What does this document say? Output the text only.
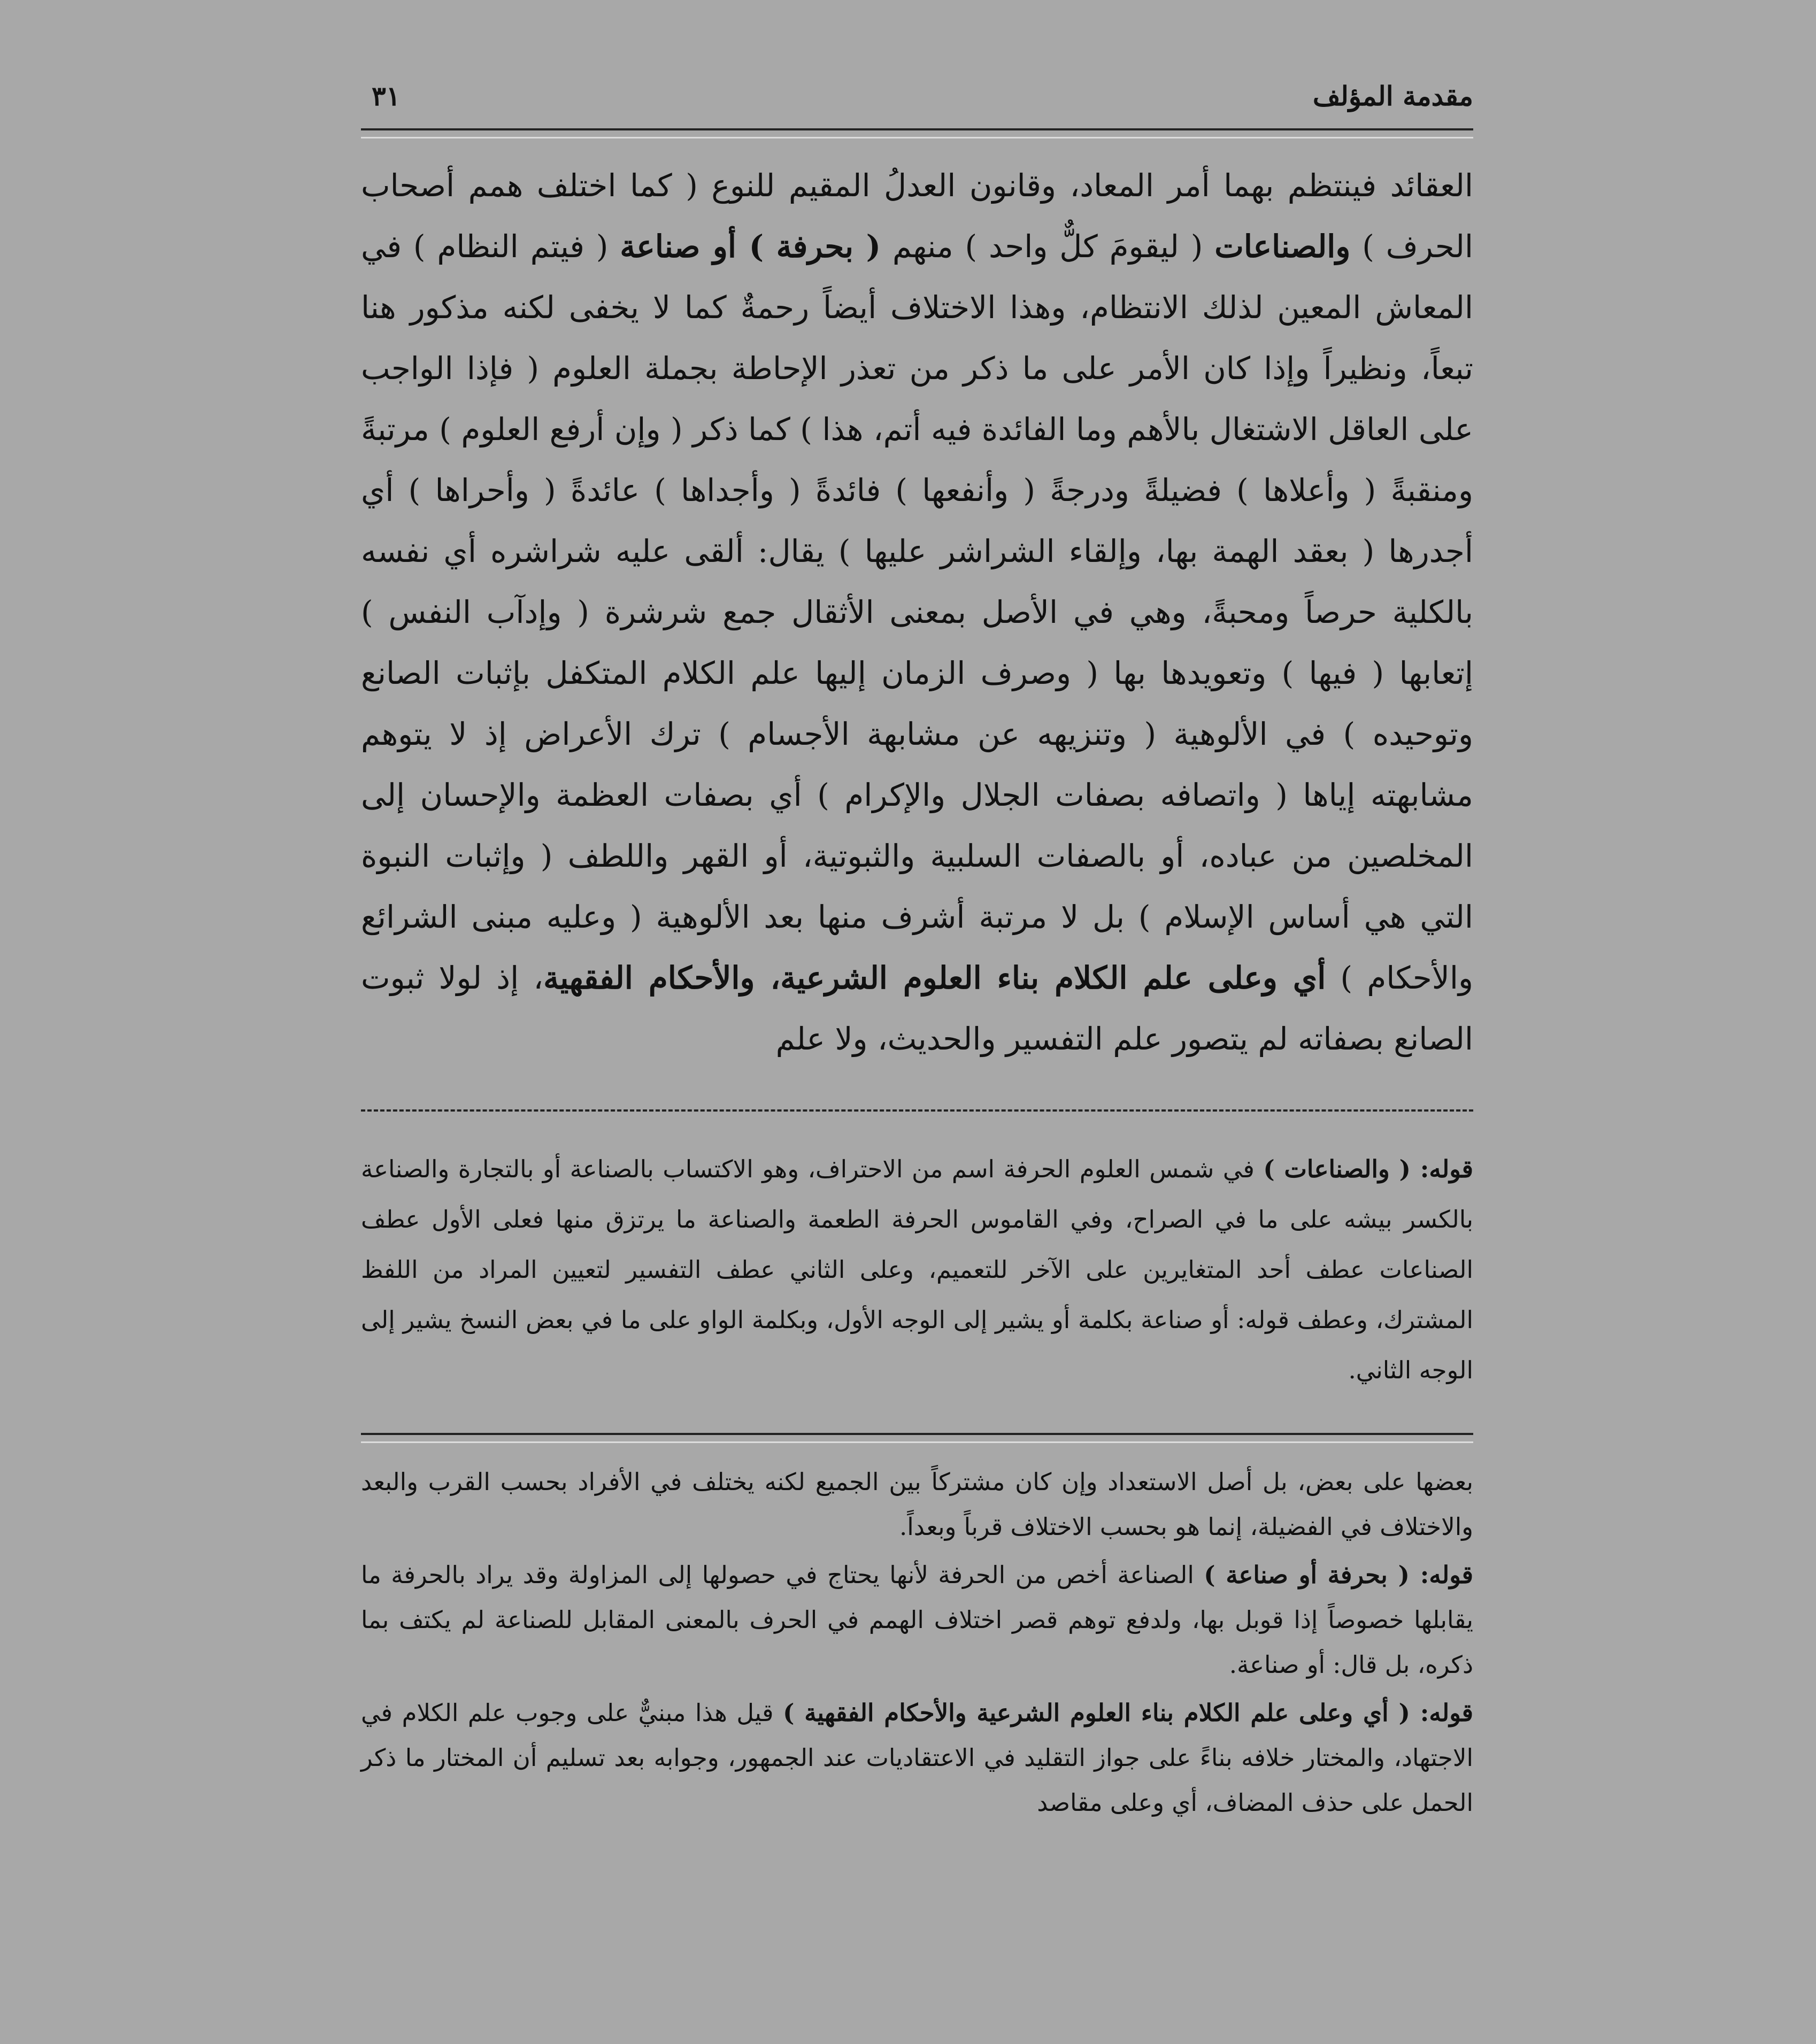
مقدمة المؤلف
٣١

العقائد فينتظم بهما أمر المعاد، وقانون العدلُ المقيم للنوع ( كما اختلف همم أصحاب الحرف ) والصناعات ( ليقومَ كلٌّ واحد ) منهم ( بحرفة ) أو صناعة ( فيتم النظام ) في المعاش المعين لذلك الانتظام، وهذا الاختلاف أيضاً رحمةٌ كما لا يخفى لكنه مذكور هنا تبعاً، ونظيراً وإذا كان الأمر على ما ذكر من تعذر الإحاطة بجملة العلوم ( فإذا الواجب على العاقل الاشتغال بالأهم وما الفائدة فيه أتم، هذا ) كما ذكر ( وإن أرفع العلوم ) مرتبةً ومنقبةً ( وأعلاها ) فضيلةً ودرجةً ( وأنفعها ) فائدةً ( وأجداها ) عائدةً ( وأحراها ) أي أجدرها ( بعقد الهمة بها، وإلقاء الشراشر عليها ) يقال: ألقى عليه شراشره أي نفسه بالكلية حرصاً ومحبةً، وهي في الأصل بمعنى الأثقال جمع شرشرة ( وإدآب النفس ) إتعابها ( فيها ) وتعويدها بها ( وصرف الزمان إليها علم الكلام المتكفل بإثبات الصانع وتوحيده ) في الألوهية ( وتنزيهه عن مشابهة الأجسام ) ترك الأعراض إذ لا يتوهم مشابهته إياها ( واتصافه بصفات الجلال والإكرام ) أي بصفات العظمة والإحسان إلى المخلصين من عباده، أو بالصفات السلبية والثبوتية، أو القهر واللطف ( وإثبات النبوة التي هي أساس الإسلام ) بل لا مرتبة أشرف منها بعد الألوهية ( وعليه مبنى الشرائع والأحكام ) أي وعلى علم الكلام بناء العلوم الشرعية، والأحكام الفقهية، إذ لولا ثبوت الصانع بصفاته لم يتصور علم التفسير والحديث، ولا علم

قوله: ( والصناعات ) في شمس العلوم الحرفة اسم من الاحتراف، وهو الاكتساب بالصناعة أو بالتجارة والصناعة بالكسر بيشه على ما في الصراح، وفي القاموس الحرفة الطعمة والصناعة ما يرتزق منها فعلى الأول عطف الصناعات عطف أحد المتغايرين على الآخر للتعميم، وعلى الثاني عطف التفسير لتعيين المراد من اللفظ المشترك، وعطف قوله: أو صناعة بكلمة أو يشير إلى الوجه الأول، وبكلمة الواو على ما في بعض النسخ يشير إلى الوجه الثاني.

بعضها على بعض، بل أصل الاستعداد وإن كان مشتركاً بين الجميع لكنه يختلف في الأفراد بحسب القرب والبعد والاختلاف في الفضيلة، إنما هو بحسب الاختلاف قرباً وبعداً.

قوله: ( بحرفة أو صناعة ) الصناعة أخص من الحرفة لأنها يحتاج في حصولها إلى المزاولة وقد يراد بالحرفة ما يقابلها خصوصاً إذا قوبل بها، ولدفع توهم قصر اختلاف الهمم في الحرف بالمعنى المقابل للصناعة لم يكتف بما ذكره، بل قال: أو صناعة.

قوله: ( أي وعلى علم الكلام بناء العلوم الشرعية والأحكام الفقهية ) قيل هذا مبنيٌّ على وجوب علم الكلام في الاجتهاد، والمختار خلافه بناءً على جواز التقليد في الاعتقاديات عند الجمهور، وجوابه بعد تسليم أن المختار ما ذكر الحمل على حذف المضاف، أي وعلى مقاصد
